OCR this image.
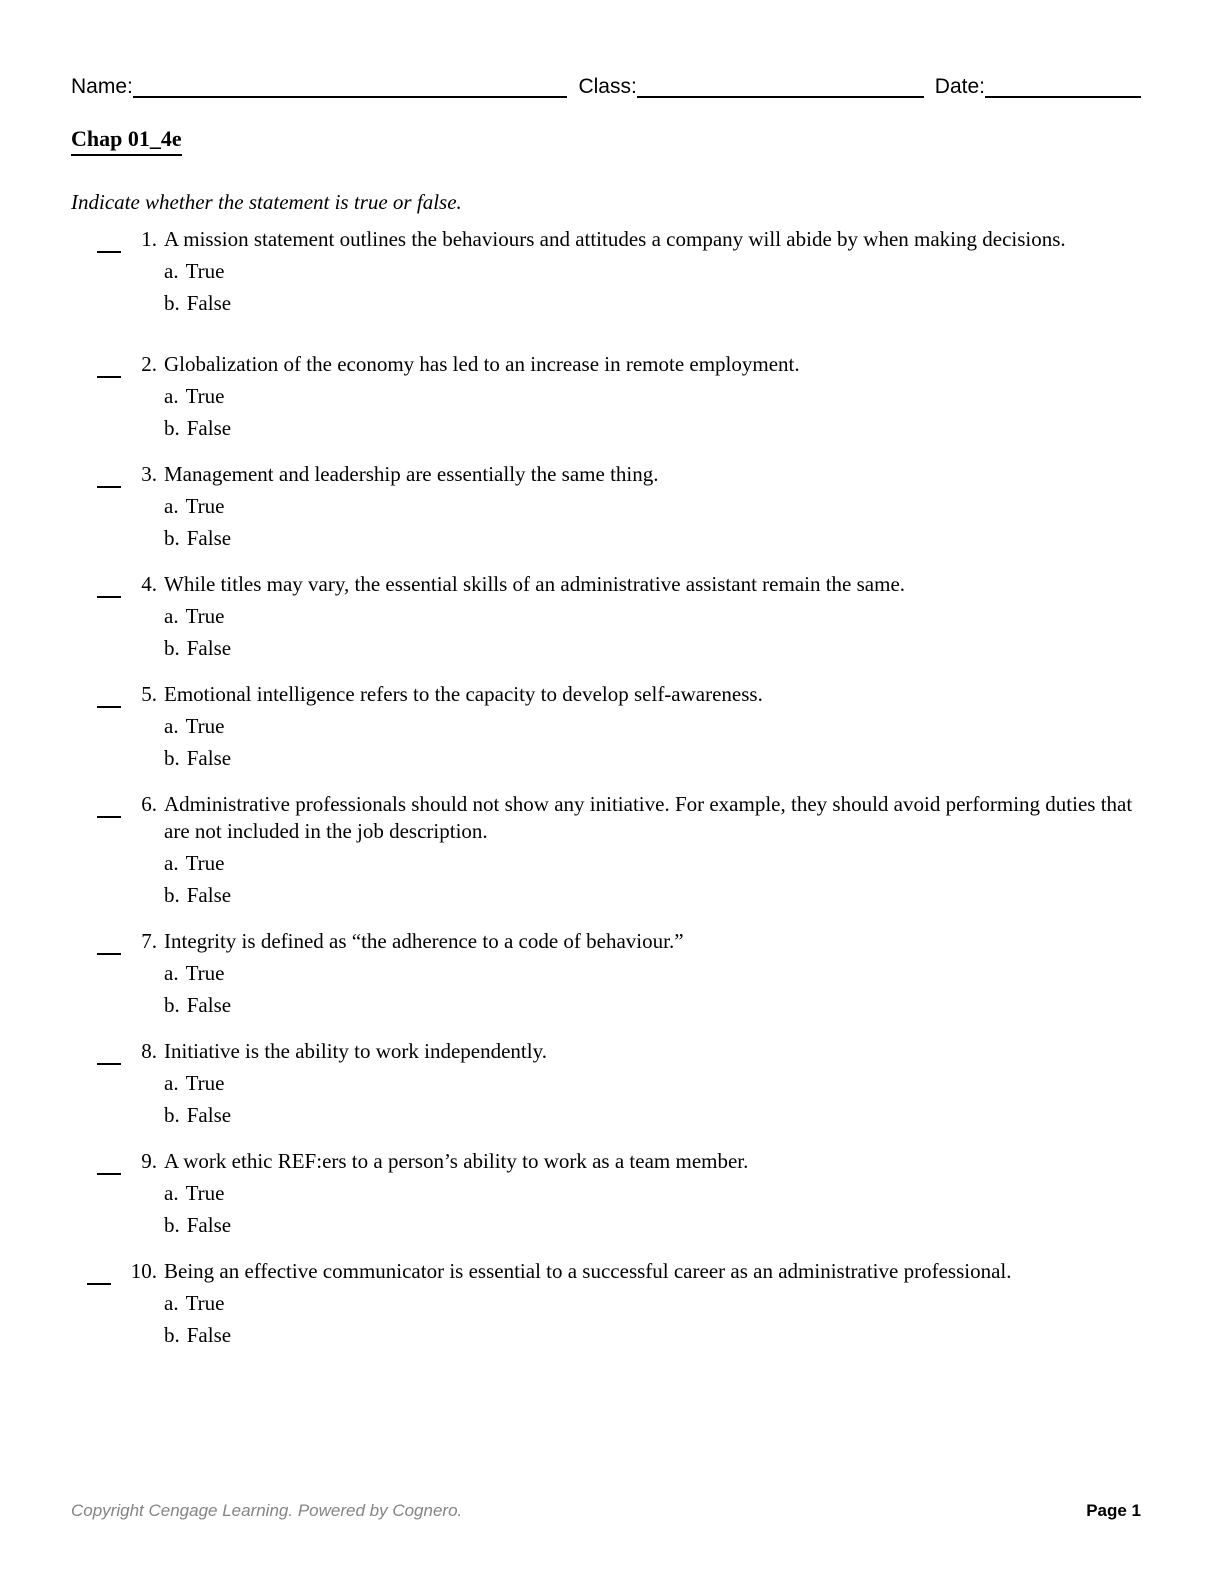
Name:	Class:	Date:
Chap 01_4e
Indicate whether the statement is true or false.
1. A mission statement outlines the behaviours and attitudes a company will abide by when making decisions.
a. True
b. False
2. Globalization of the economy has led to an increase in remote employment.
a. True
b. False
3. Management and leadership are essentially the same thing.
a. True
b. False
4. While titles may vary, the essential skills of an administrative assistant remain the same.
a. True
b. False
5. Emotional intelligence refers to the capacity to develop self-awareness.
a. True
b. False
6. Administrative professionals should not show any initiative. For example, they should avoid performing duties that are not included in the job description.
a. True
b. False
7. Integrity is defined as “the adherence to a code of behaviour.”
a. True
b. False
8. Initiative is the ability to work independently.
a. True
b. False
9. A work ethic REF:ers to a person’s ability to work as a team member.
a. True
b. False
10. Being an effective communicator is essential to a successful career as an administrative professional.
a. True
b. False
Copyright Cengage Learning. Powered by Cognero.	Page 1
